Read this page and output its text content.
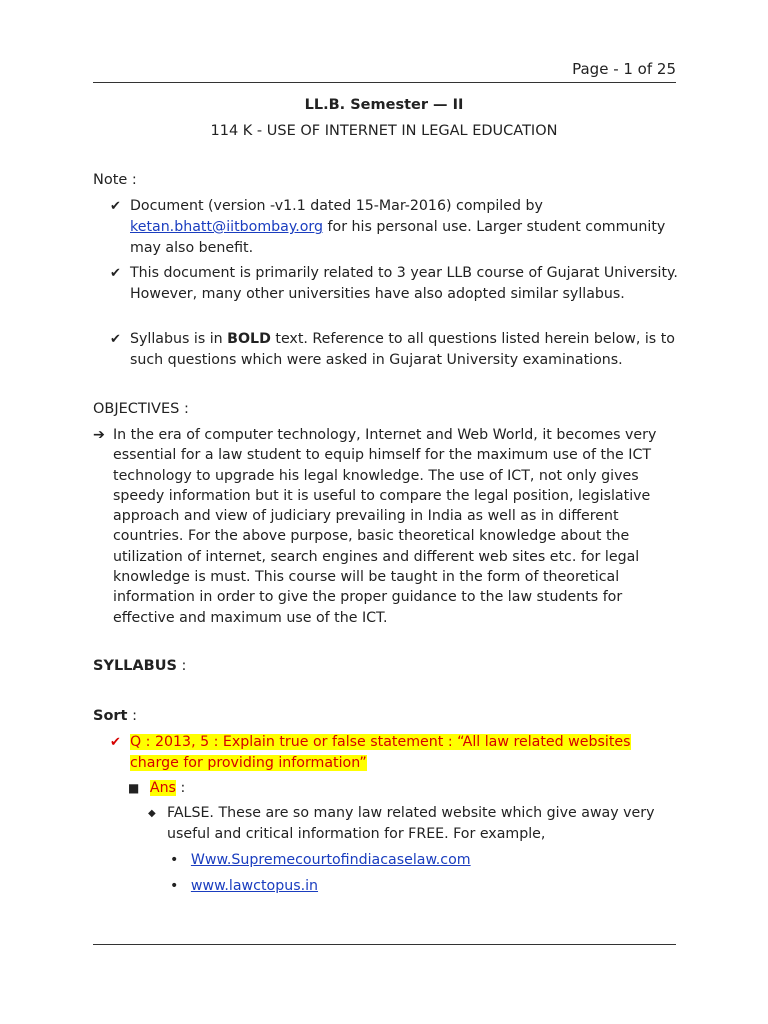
Page - 1 of 25
LL.B. Semester — II
114 K - USE OF INTERNET IN LEGAL EDUCATION
Note :
✔ Document (version -v1.1 dated 15-Mar-2016) compiled by ketan.bhatt@iitbombay.org for his personal use. Larger student community may also benefit.
✔ This document is primarily related to 3 year LLB course of Gujarat University. However, many other universities have also adopted similar syllabus.
✔ Syllabus is in BOLD text. Reference to all questions listed herein below, is to such questions which were asked in Gujarat University examinations.
OBJECTIVES :
➔ In the era of computer technology, Internet and Web World, it becomes very essential for a law student to equip himself for the maximum use of the ICT technology to upgrade his legal knowledge. The use of ICT, not only gives speedy information but it is useful to compare the legal position, legislative approach and view of judiciary prevailing in India as well as in different countries. For the above purpose, basic theoretical knowledge about the utilization of internet, search engines and different web sites etc. for legal knowledge is must. This course will be taught in the form of theoretical information in order to give the proper guidance to the law students for effective and maximum use of the ICT.
SYLLABUS :
Sort :
✔ Q : 2013, 5 : Explain true or false statement : “All law related websites charge for providing information”
■ Ans :
◆ FALSE. These are so many law related website which give away very useful and critical information for FREE. For example,
• Www.Supremecourtofindiacaselaw.com
• www.lawctopus.in
